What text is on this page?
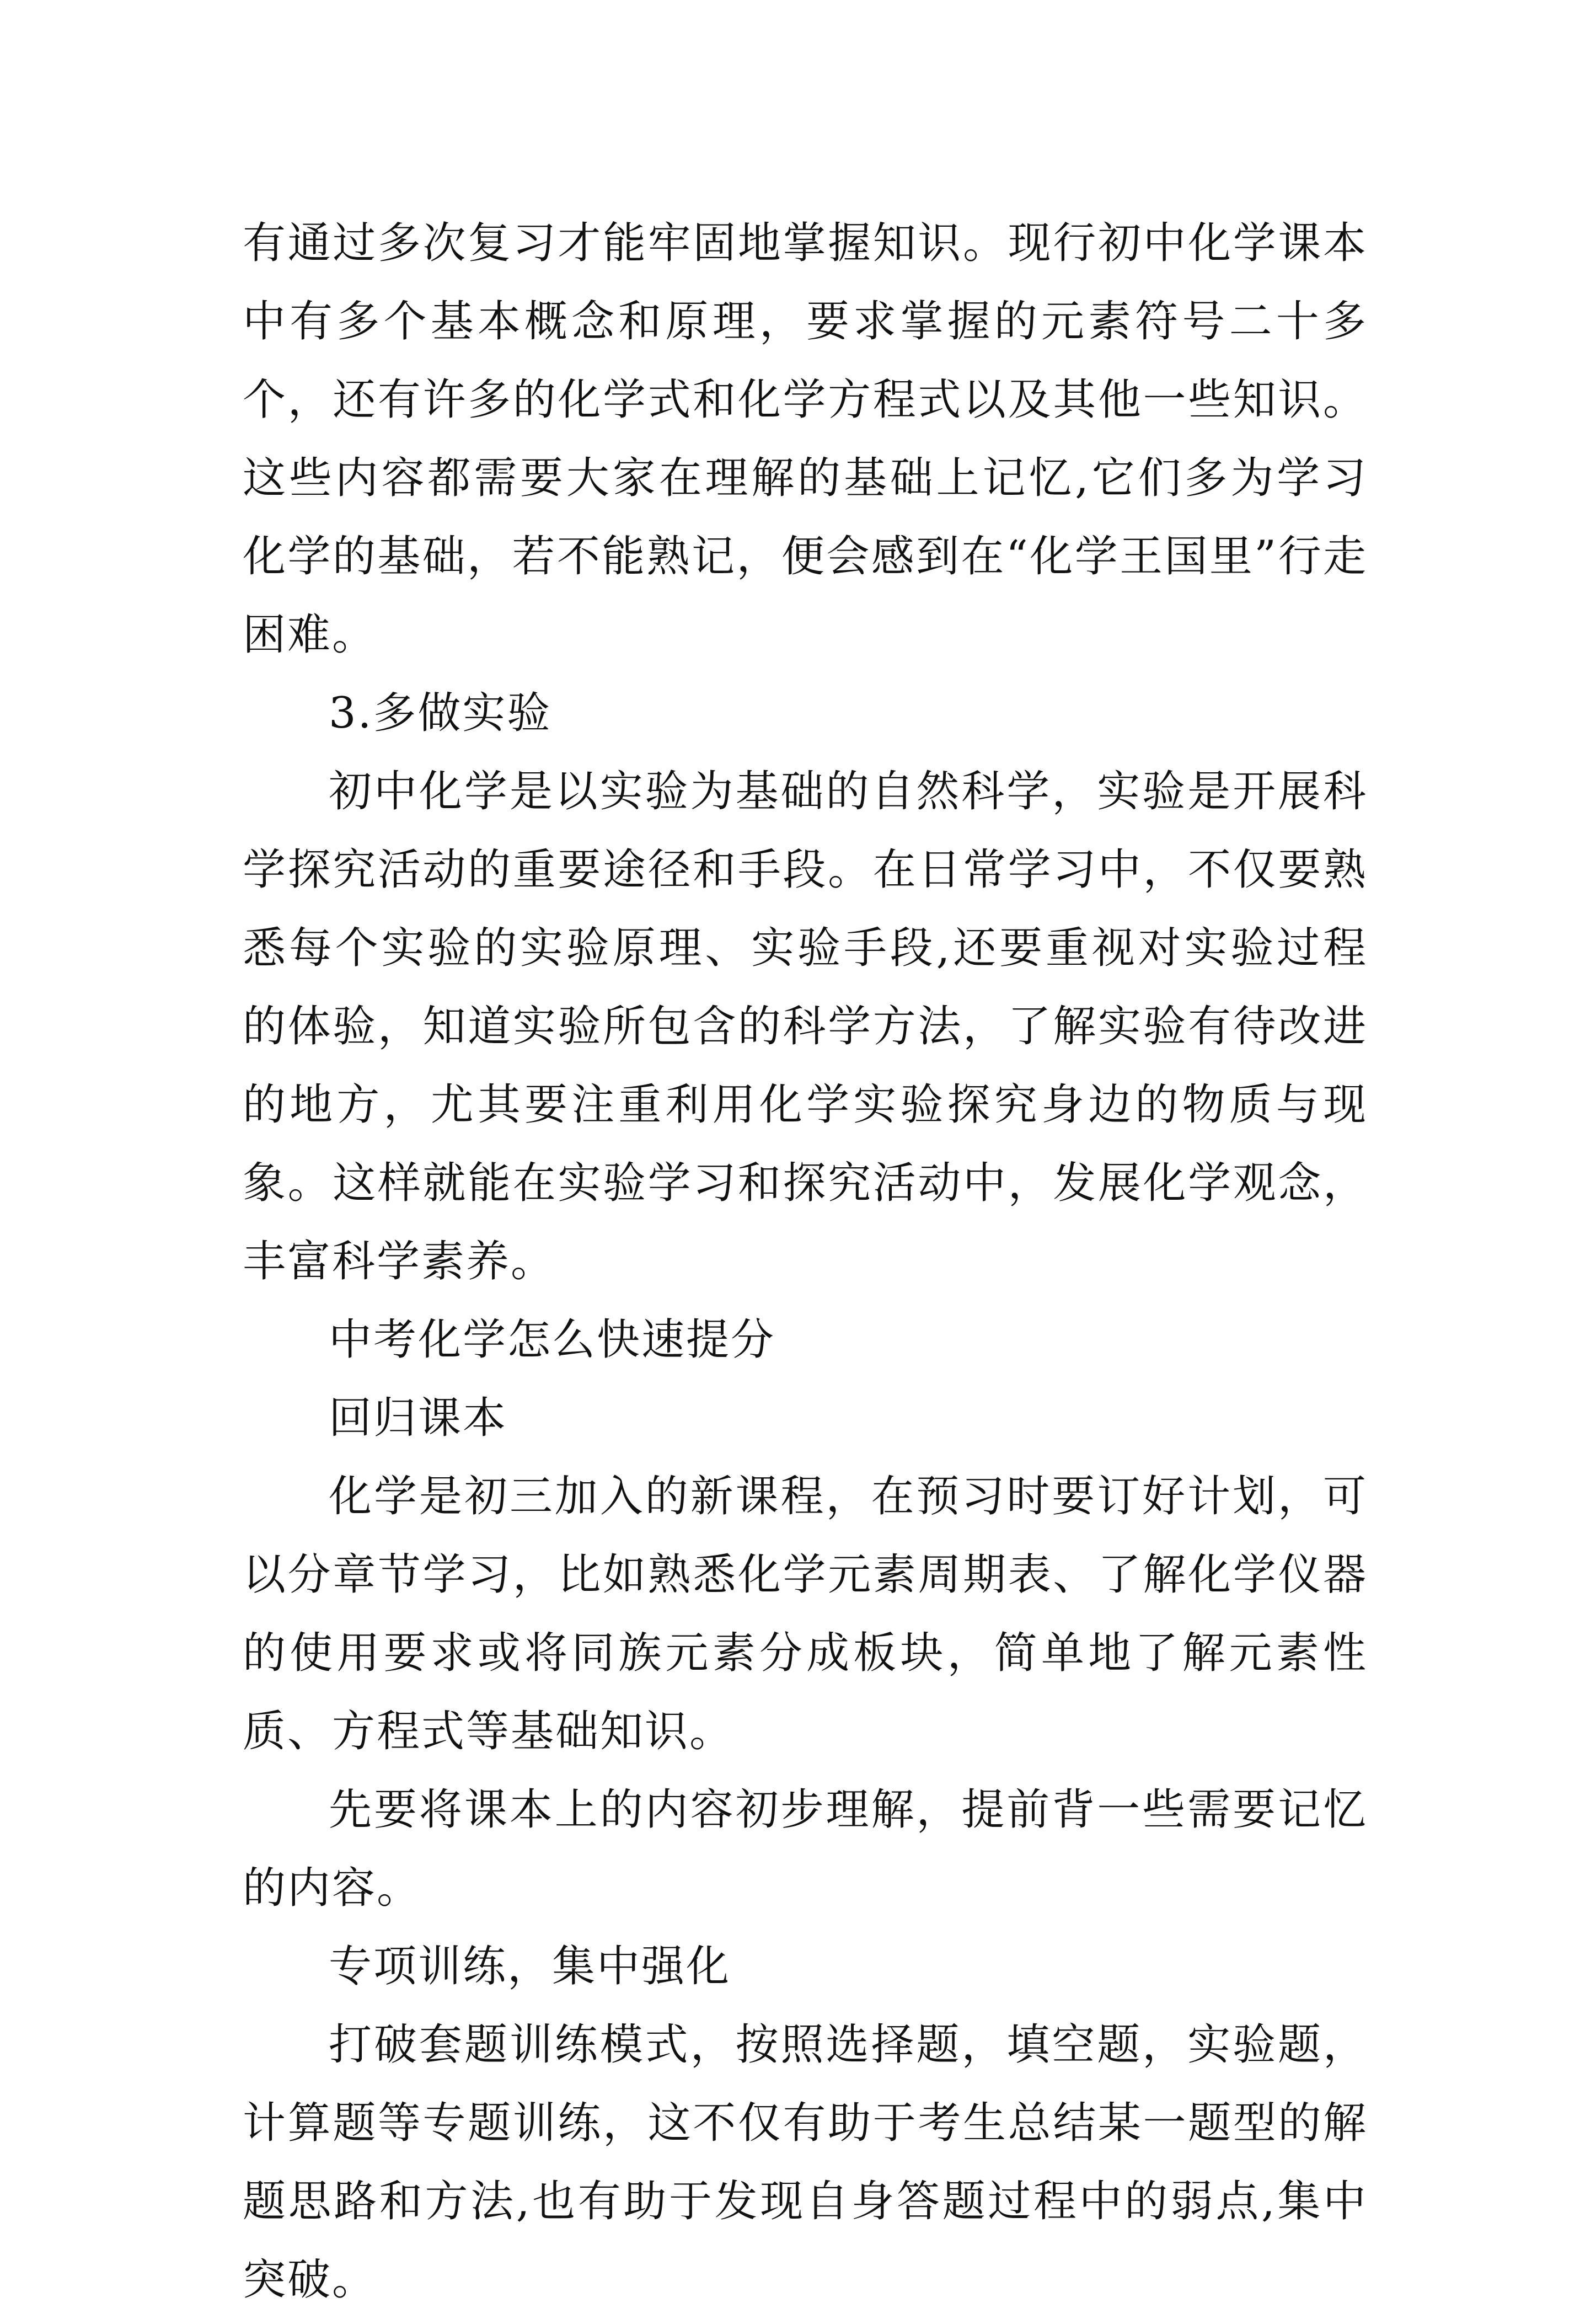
有通过多次复习才能牢固地掌握知识。现行初中化学课本中有多个基本概念和原理，要求掌握的元素符号二十多个，还有许多的化学式和化学方程式以及其他一些知识。这些内容都需要大家在理解的基础上记忆,它们多为学习化学的基础，若不能熟记，便会感到在“化学王国里”行走困难。

3.多做实验

初中化学是以实验为基础的自然科学，实验是开展科学探究活动的重要途径和手段。在日常学习中，不仅要熟悉每个实验的实验原理、实验手段,还要重视对实验过程的体验，知道实验所包含的科学方法，了解实验有待改进的地方，尤其要注重利用化学实验探究身边的物质与现象。这样就能在实验学习和探究活动中，发展化学观念，丰富科学素养。

中考化学怎么快速提分

回归课本

化学是初三加入的新课程，在预习时要订好计划，可以分章节学习，比如熟悉化学元素周期表、了解化学仪器的使用要求或将同族元素分成板块，简单地了解元素性质、方程式等基础知识。

先要将课本上的内容初步理解，提前背一些需要记忆的内容。

专项训练，集中强化

打破套题训练模式，按照选择题，填空题，实验题，计算题等专题训练，这不仅有助于考生总结某一题型的解题思路和方法,也有助于发现自身答题过程中的弱点,集中突破。
